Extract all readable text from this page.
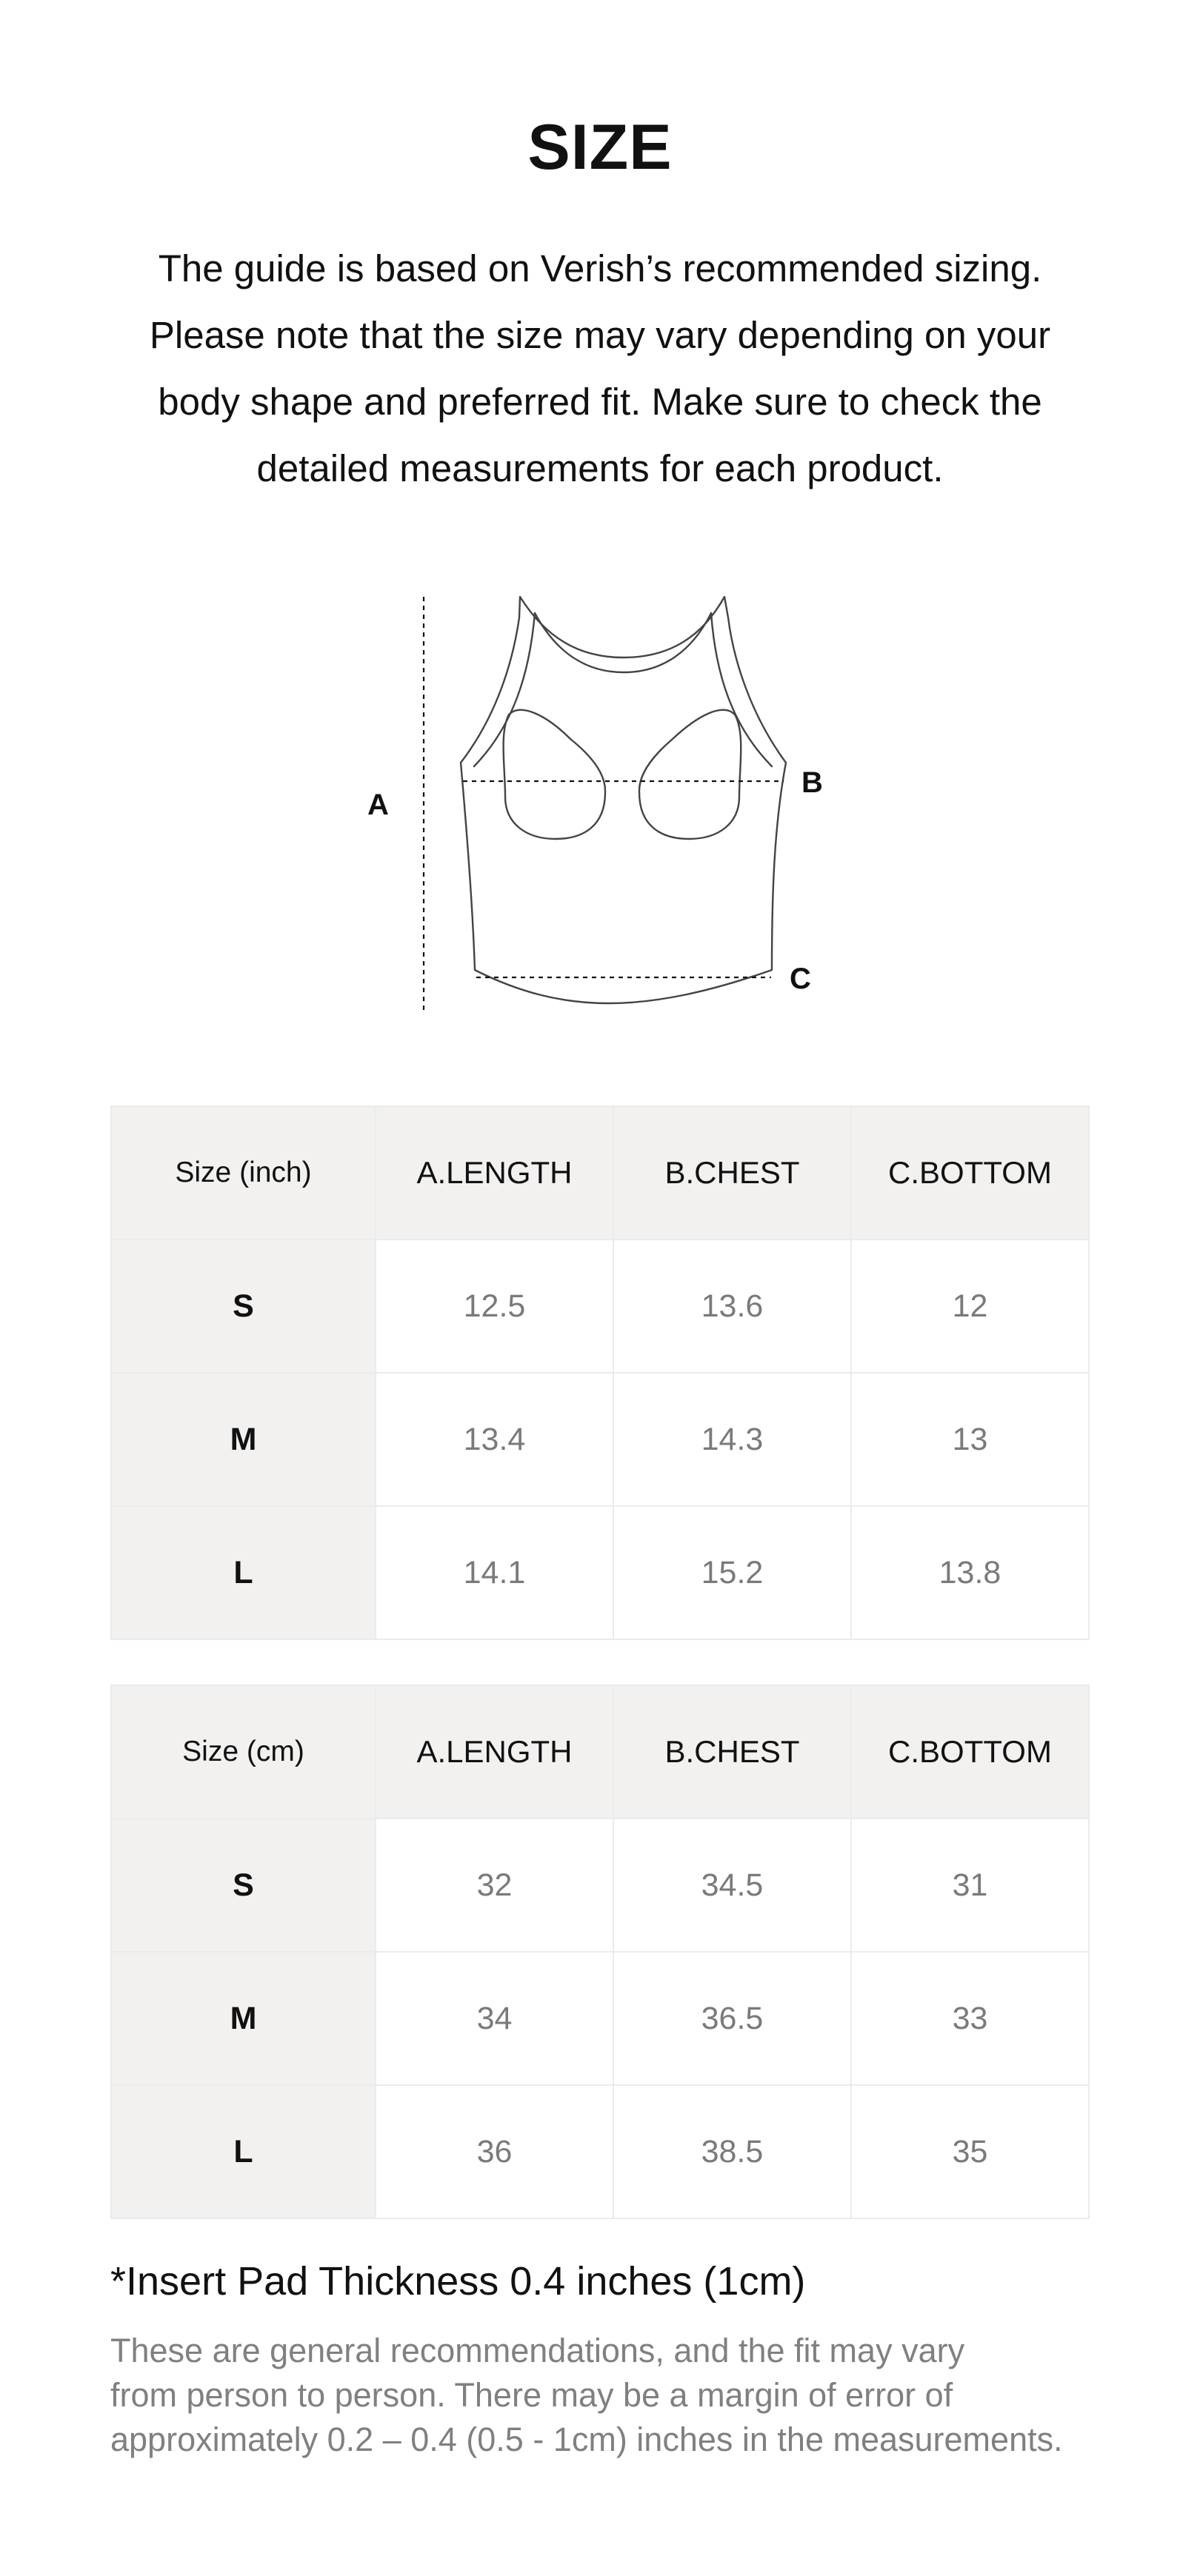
SIZE

The guide is based on Verish’s recommended sizing.
Please note that the size may vary depending on your
body shape and preferred fit. Make sure to check the
detailed measurements for each product.

A
B
C
Size (inch)	A.LENGTH	B.CHEST	C.BOTTOM
S	12.5	13.6	12
M	13.4	14.3	13
L	14.1	15.2	13.8
Size (cm)	A.LENGTH	B.CHEST	C.BOTTOM
S	32	34.5	31
M	34	36.5	33
L	36	38.5	35

*Insert Pad Thickness 0.4 inches (1cm)

These are general recommendations, and the fit may vary
from person to person. There may be a margin of error of
approximately 0.2 – 0.4 (0.5 - 1cm) inches in the measurements.
